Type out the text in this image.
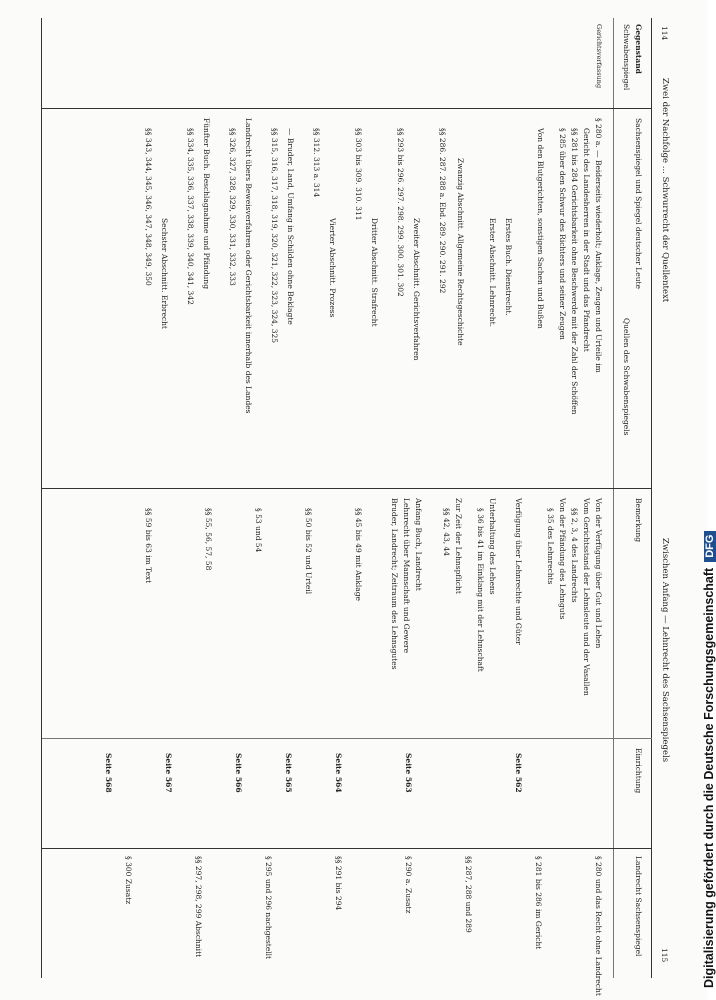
114
Zwei der Nachfolge ... Schwurrecht der Quellentext
Zwischen Anfang — Lehnrecht des Sachsenspiegels
115
Gegenstand
Schwabenspiegel
Sachsenspiegel und Spiegel deutscher Leute
Quellen des Schwabenspiegels
Bemerkung
Einrichtung
Landrecht Sachsenspiegel
Gerichtsverfassung
§ 280 a. — Beiderseits wiederholt; Anklage, Zeugen und Urteile im
Gericht des Landesherren in der Stadt und das Pfandrecht
§§ 281 bis 284 Gerichtsbarkeit ohne Beschwerde mit der Zahl der Schöffen
§ 285 über den Schwur des Richters und seiner Zeugen
Von den Blutgerichten, sonstigen Sachen und Bußen
Erstes Buch. Dienstrecht.
Erster Abschnitt. Lehnrecht.
Zwanzig Abschnitt. Allgemeine Rechtsgeschichte
§§ 286. 287. 288 a. Ebd. 289. 290. 291. 292
Zweiter Abschnitt. Gerichtsverfahren
§§ 293 bis 296. 297. 298. 299. 300. 301. 302
Dritter Abschnitt. Strafrecht
§§ 303 bis 309. 310. 311
Vierter Abschnitt. Prozess
§§ 312. 313 a. 314
— Bruder, Land, Umfang in Schilden ohne Beklagte
§§ 315, 316, 317, 318, 319, 320, 321, 322, 323, 324, 325
Landrecht übers Beweisverfahren oder Gerichtsbarkeit innerhalb des Landes
§§ 326, 327, 328, 329, 330, 331, 332, 333
Fünfter Buch. Beschlagnahme und Pfändung
§§ 334, 335, 336, 337, 338, 339, 340, 341, 342
Sechster Abschnitt. Erbrecht
§§ 343, 344, 345, 346, 347, 348, 349, 350
Von der Verfügung über Gut und Lehen
Vom Gerichtsstand der Lehnsleute und der Vasallen
§§ 2, 3, 4 des Landrechts
Von der Pfändung des Lehnguts
§ 35 des Lehnrechts
Verfügung über Lehnrechte und Güter
Unterhaltung des Lehens
§ 36 bis 41 im Einklang mit der Lehnschaft
Zur Zeit der Lehnspflicht
§§ 42, 43, 44
Anfang Buch, Landrecht
Lehnrecht über Mannschaft und Gewere
Bruder, Landrecht; Zeitraum des Lehnsgutes
§§ 45 bis 49 mit Anklage
§§ 50 bis 52 und Urteil
§ 53 und 54
§§ 55, 56, 57, 58
§§ 59 bis 63 im Text
Seite 562
Seite 563
Seite 564
Seite 565
Seite 566
Seite 567
Seite 568
§ 280 und das Recht ohne Landrecht
§ 281 bis 286 im Gericht
§§ 287, 288 und 289
§ 290 a. Zusatz
§§ 291 bis 294
§ 295 und 296 nachgestellt
§§ 297, 298, 299 Abschnitt
§ 300 Zusatz	Digitalisierung gefördert durch die Deutsche ForschungsgemeinschaftDFG
